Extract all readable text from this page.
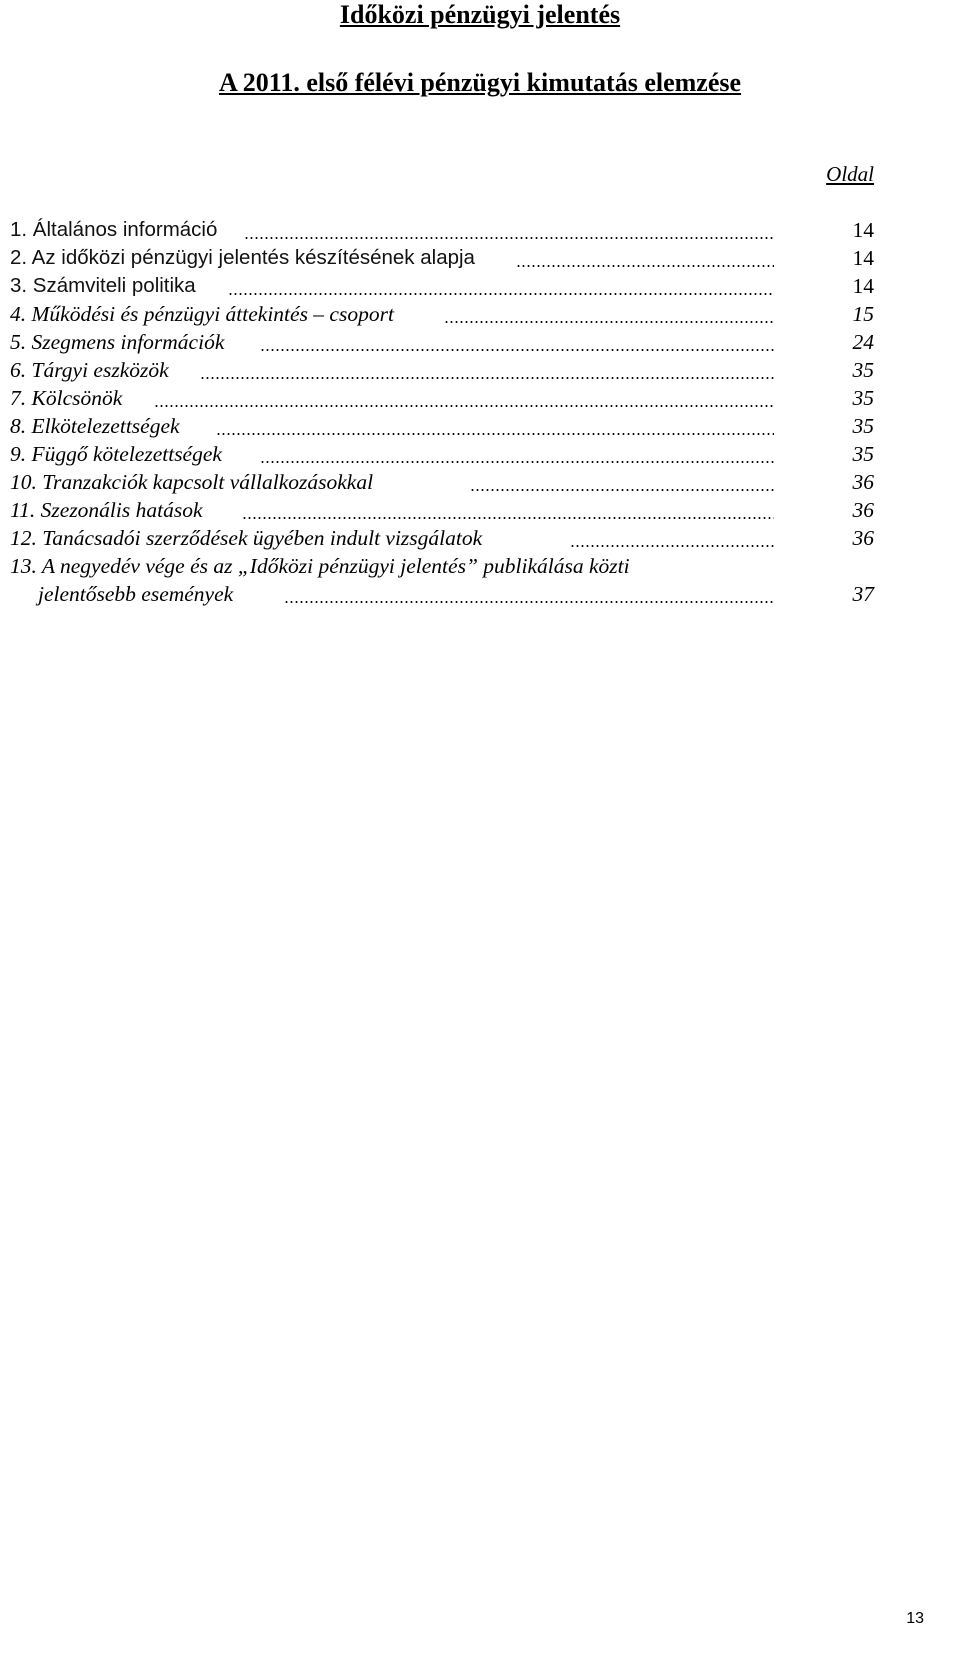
Időközi pénzügyi jelentés
A 2011. első félévi pénzügyi kimutatás elemzése
Oldal
1. Általános információ	14
2. Az időközi pénzügyi jelentés készítésének alapja	14
3. Számviteli politika	14
4. Működési és pénzügyi áttekintés – csoport	15
5. Szegmens információk	24
6. Tárgyi eszközök	35
7. Kölcsönök	35
8. Elkötelezettségek	35
9. Függő kötelezettségek	35
10. Tranzakciók kapcsolt vállalkozásokkal	36
11. Szezonális hatások	36
12. Tanácsadói szerződések ügyében indult vizsgálatok	36
13. A negyedév vége és az „Időközi pénzügyi jelentés” publikálása közti
jelentősebb események	37
13
